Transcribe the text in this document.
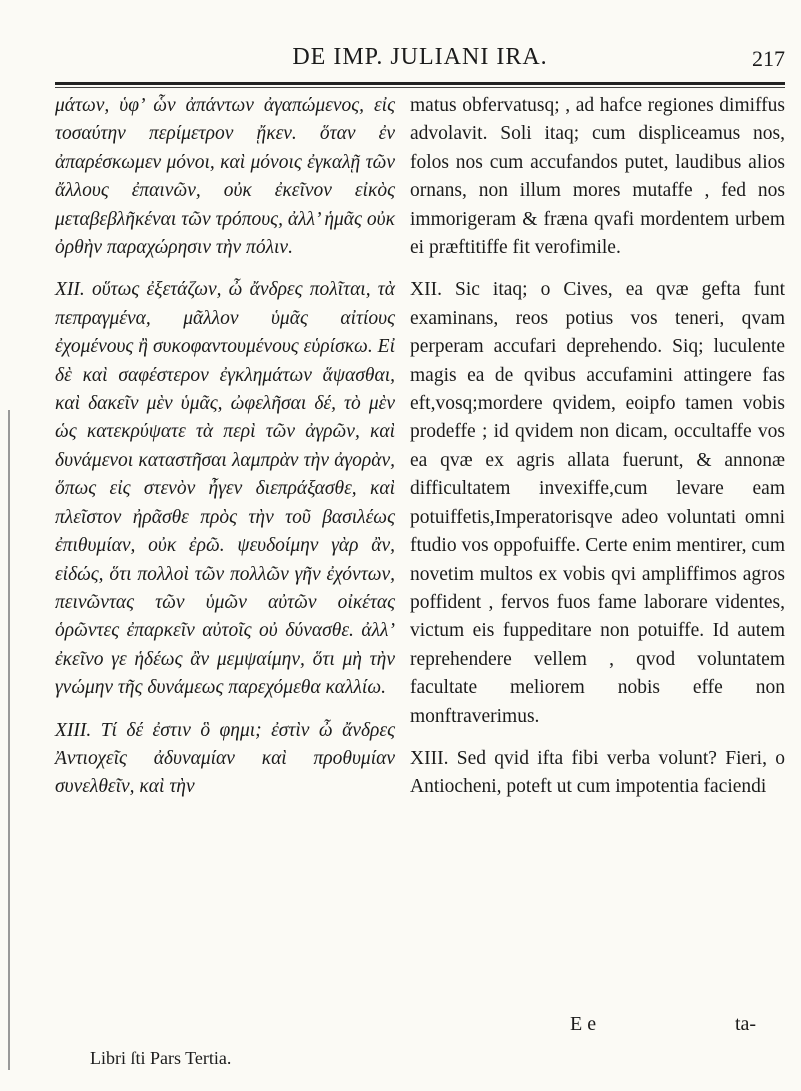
DE IMP. JULIANI IRA.	217

μάτων, ὑφ’ ὧν ἀπάντων ἀγαπώμενος, εἰς τοσαύτην περίμετρον ᾔκεν. ὅταν ἐν ἀπαρέσκωμεν μόνοι, καὶ μόνοις ἐγκαλῇ τῶν ἄλλους ἐπαινῶν, οὐκ ἐκεῖνον εἰκὸς μεταβεβλῆκέναι τῶν τρόπους, ἀλλ’ ἡμᾶς οὐκ ὀρθὴν παραχώρησιν τὴν πόλιν.

XII. οὕτως ἐξετάζων, ὦ ἄνδρες πολῖται, τὰ πεπραγμένα, μᾶλλον ὑμᾶς αἰτίους ἐχομένους ἢ συκοφαντουμένους εὑρίσκω. Εἰ δὲ καὶ σαφέστερον ἐγκλημάτων ἅψασθαι, καὶ δακεῖν μὲν ὑμᾶς, ὠφελῆσαι δέ, τὸ μὲν ὡς κατεκρύψατε τὰ περὶ τῶν ἀγρῶν, καὶ δυνάμενοι καταστῆσαι λαμπρὰν τὴν ἀγορὰν, ὅπως εἰς στενὸν ἦγεν διεπράξασθε, καὶ πλεῖστον ἠρᾶσθε πρὸς τὴν τοῦ βασιλέως ἐπιθυμίαν, οὐκ ἐρῶ. ψευδοίμην γὰρ ἂν, εἰδώς, ὅτι πολλοὶ τῶν πολλῶν γῆν ἐχόντων, πεινῶντας τῶν ὑμῶν αὐτῶν οἰκέτας ὁρῶντες ἐπαρκεῖν αὐτοῖς οὐ δύνασθε. ἀλλ’ ἐκεῖνο γε ἡδέως ἂν μεμψαίμην, ὅτι μὴ τὴν γνώμην τῆς δυνάμεως παρεχόμεθα καλλίω.

XIII. Τί δέ ἐστιν ὃ φημι; ἐστὶν ὦ ἄνδρες Ἀντιοχεῖς ἀδυναμίαν καὶ προθυμίαν συνελθεῖν, καὶ τὴν

matus obfervatusq; , ad hafce regiones dimiffus advolavit. Soli itaq; cum displiceamus nos, folos nos cum accufandos putet, laudibus alios ornans, non illum mores mutaffe , fed nos immorigeram & fræna qvafi mordentem urbem ei præftitiffe fit verofimile.

XII. Sic itaq; o Cives, ea qvæ gefta funt examinans, reos potius vos teneri, qvam perperam accufari deprehendo. Siq; luculente magis ea de qvibus accufamini attingere fas eft,vosq;mordere qvidem, eoipfo tamen vobis prodeffe ; id qvidem non dicam, occultaffe vos ea qvæ ex agris allata fuerunt, & annonæ difficultatem invexiffe,cum levare eam potuiffetis,Imperatorisqve adeo voluntati omni ftudio vos oppofuiffe. Certe enim mentirer, cum novetim multos ex vobis qvi ampliffimos agros poffident , fervos fuos fame laborare videntes, victum eis fuppeditare non potuiffe. Id autem reprehendere vellem , qvod voluntatem facultate meliorem nobis effe non monftraverimus.

XIII. Sed qvid ifta fibi verba volunt? Fieri, o Antiocheni, poteft ut cum impotentia faciendi

E e	ta-
Libri ſti Pars Tertia.
